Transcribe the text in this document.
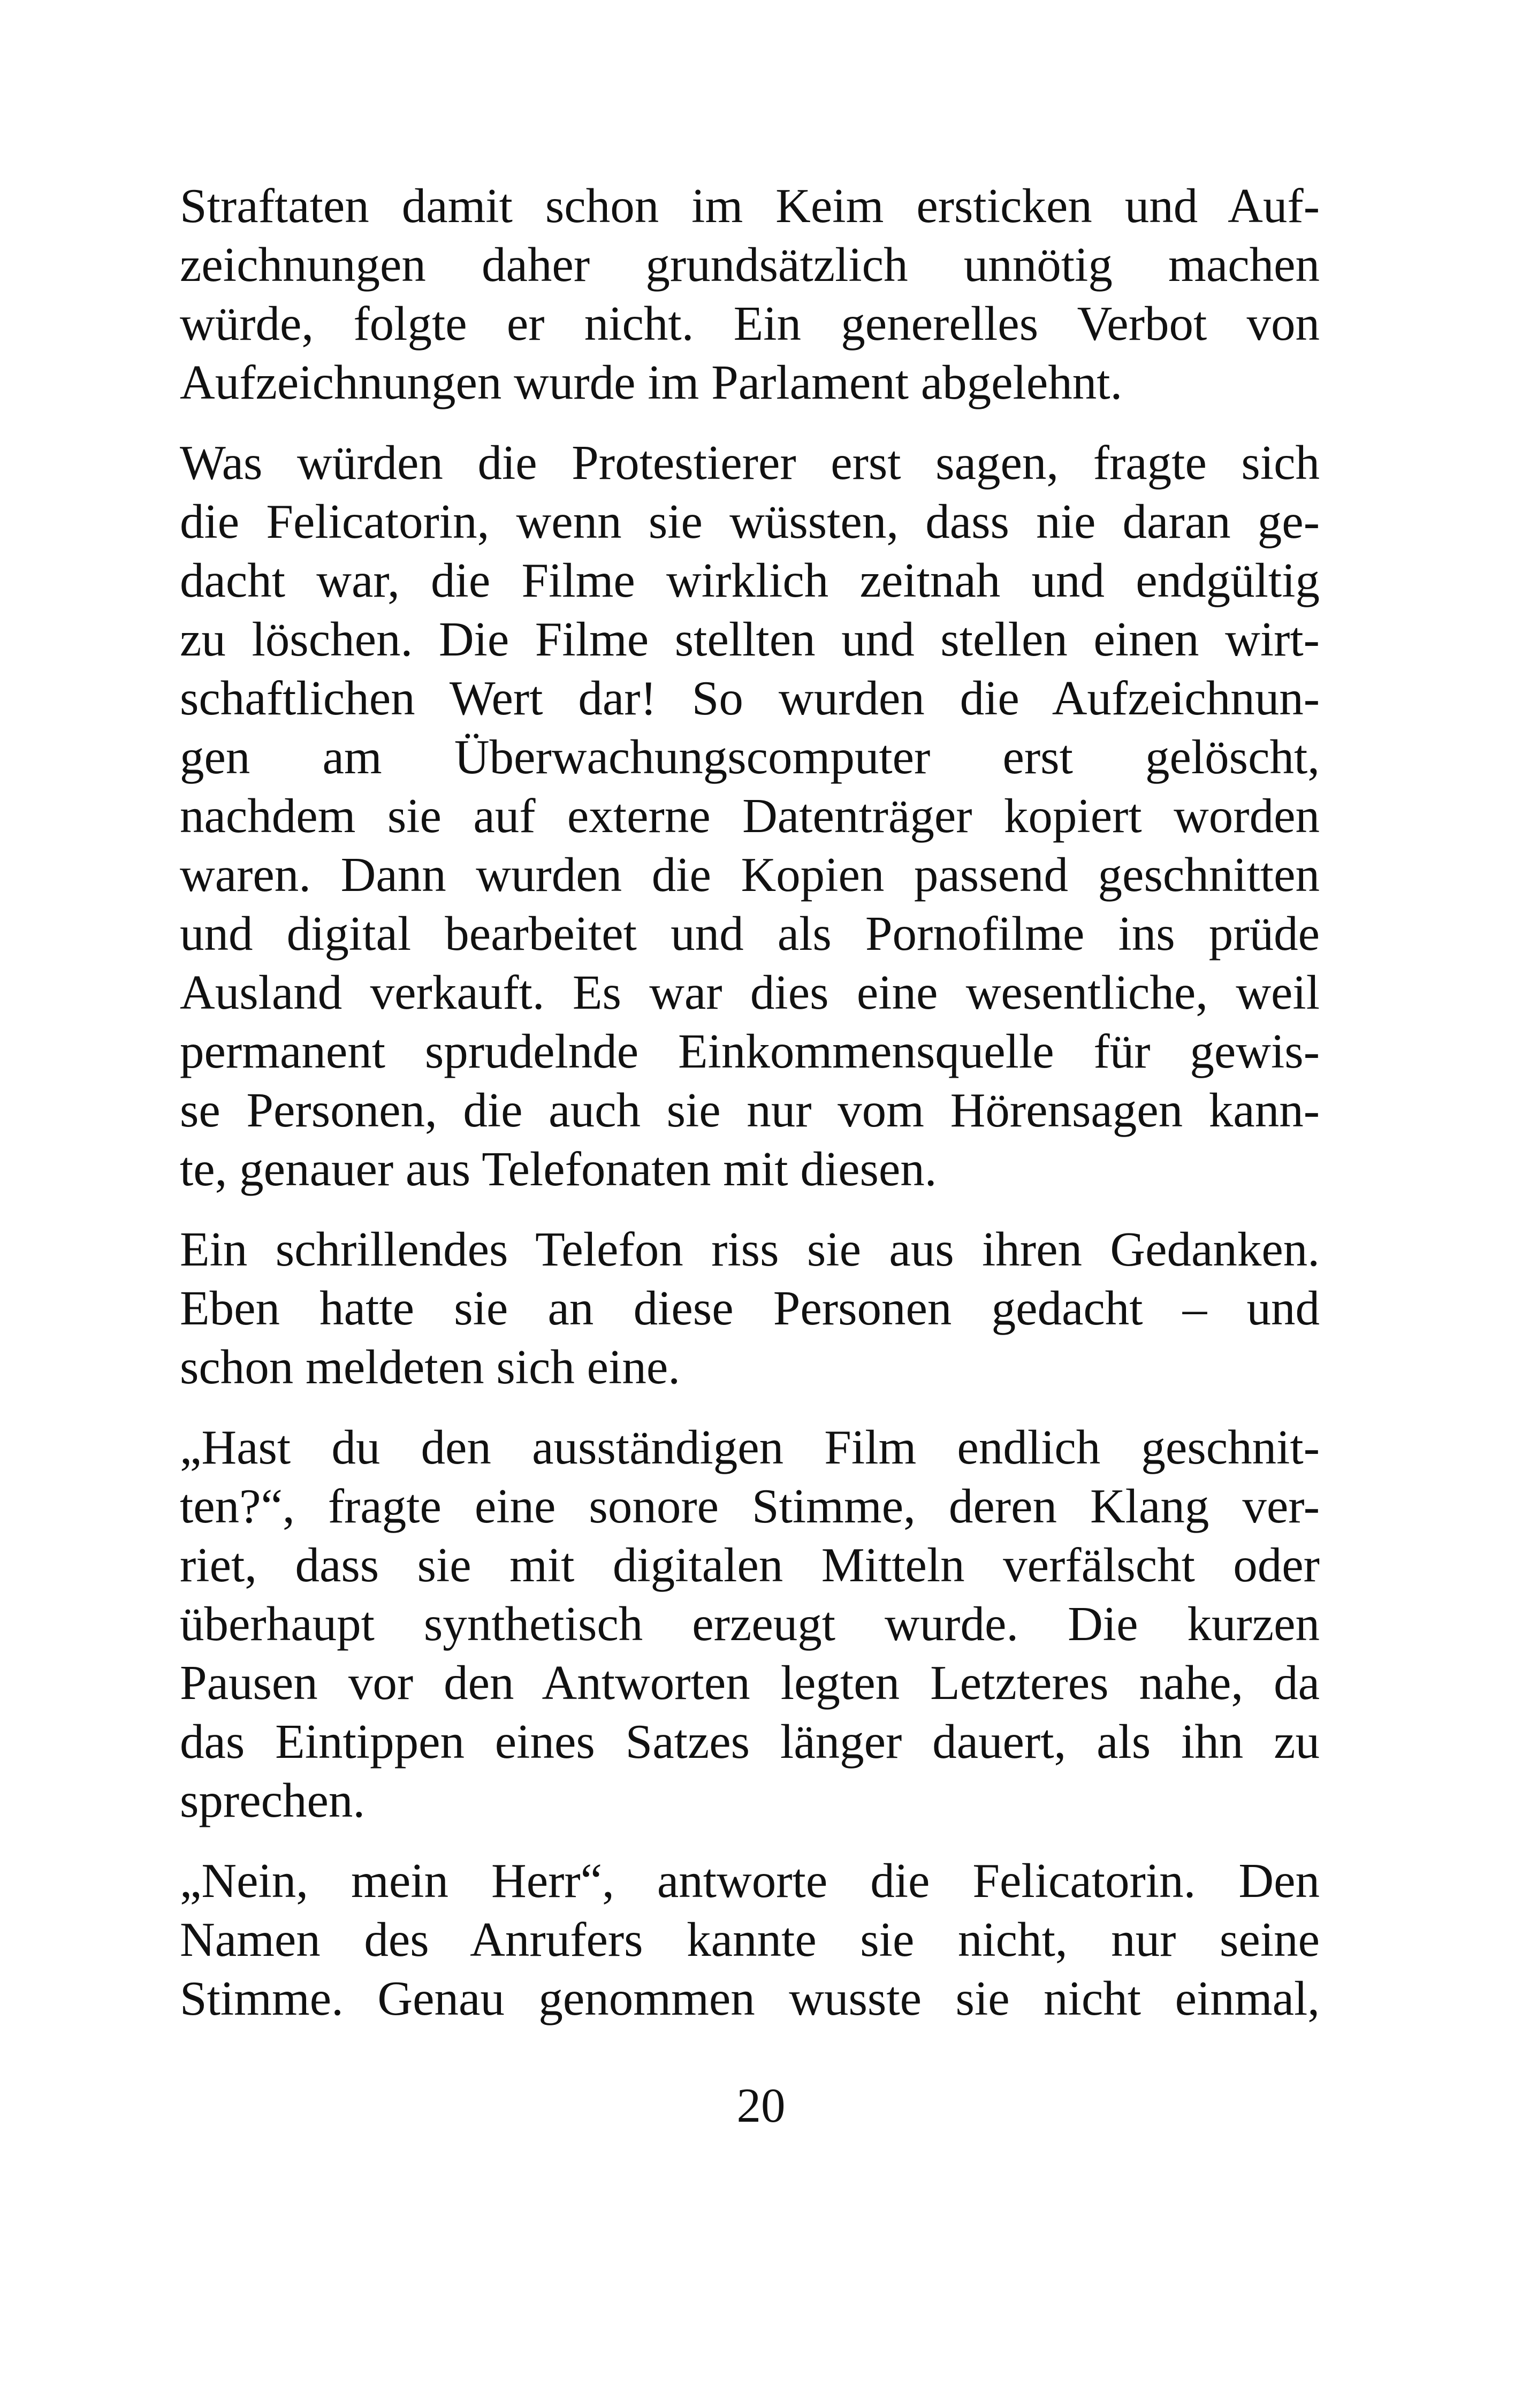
Straftaten damit schon im Keim ersticken und Auf-
zeichnungen daher grundsätzlich unnötig machen
würde, folgte er nicht. Ein generelles Verbot von
Aufzeichnungen wurde im Parlament abgelehnt.

Was würden die Protestierer erst sagen, fragte sich
die Felicatorin, wenn sie wüssten, dass nie daran ge-
dacht war, die Filme wirklich zeitnah und endgültig
zu löschen. Die Filme stellten und stellen einen wirt-
schaftlichen Wert dar! So wurden die Aufzeichnun-
gen am Überwachungscomputer erst gelöscht,
nachdem sie auf externe Datenträger kopiert worden
waren. Dann wurden die Kopien passend geschnitten
und digital bearbeitet und als Pornofilme ins prüde
Ausland verkauft. Es war dies eine wesentliche, weil
permanent sprudelnde Einkommensquelle für gewis-
se Personen, die auch sie nur vom Hörensagen kann-
te, genauer aus Telefonaten mit diesen.

Ein schrillendes Telefon riss sie aus ihren Gedanken.
Eben hatte sie an diese Personen gedacht – und
schon meldeten sich eine.

„Hast du den ausständigen Film endlich geschnit-
ten?“, fragte eine sonore Stimme, deren Klang ver-
riet, dass sie mit digitalen Mitteln verfälscht oder
überhaupt synthetisch erzeugt wurde. Die kurzen
Pausen vor den Antworten legten Letzteres nahe, da
das Eintippen eines Satzes länger dauert, als ihn zu
sprechen.

„Nein, mein Herr“, antworte die Felicatorin. Den
Namen des Anrufers kannte sie nicht, nur seine
Stimme. Genau genommen wusste sie nicht einmal,

20
